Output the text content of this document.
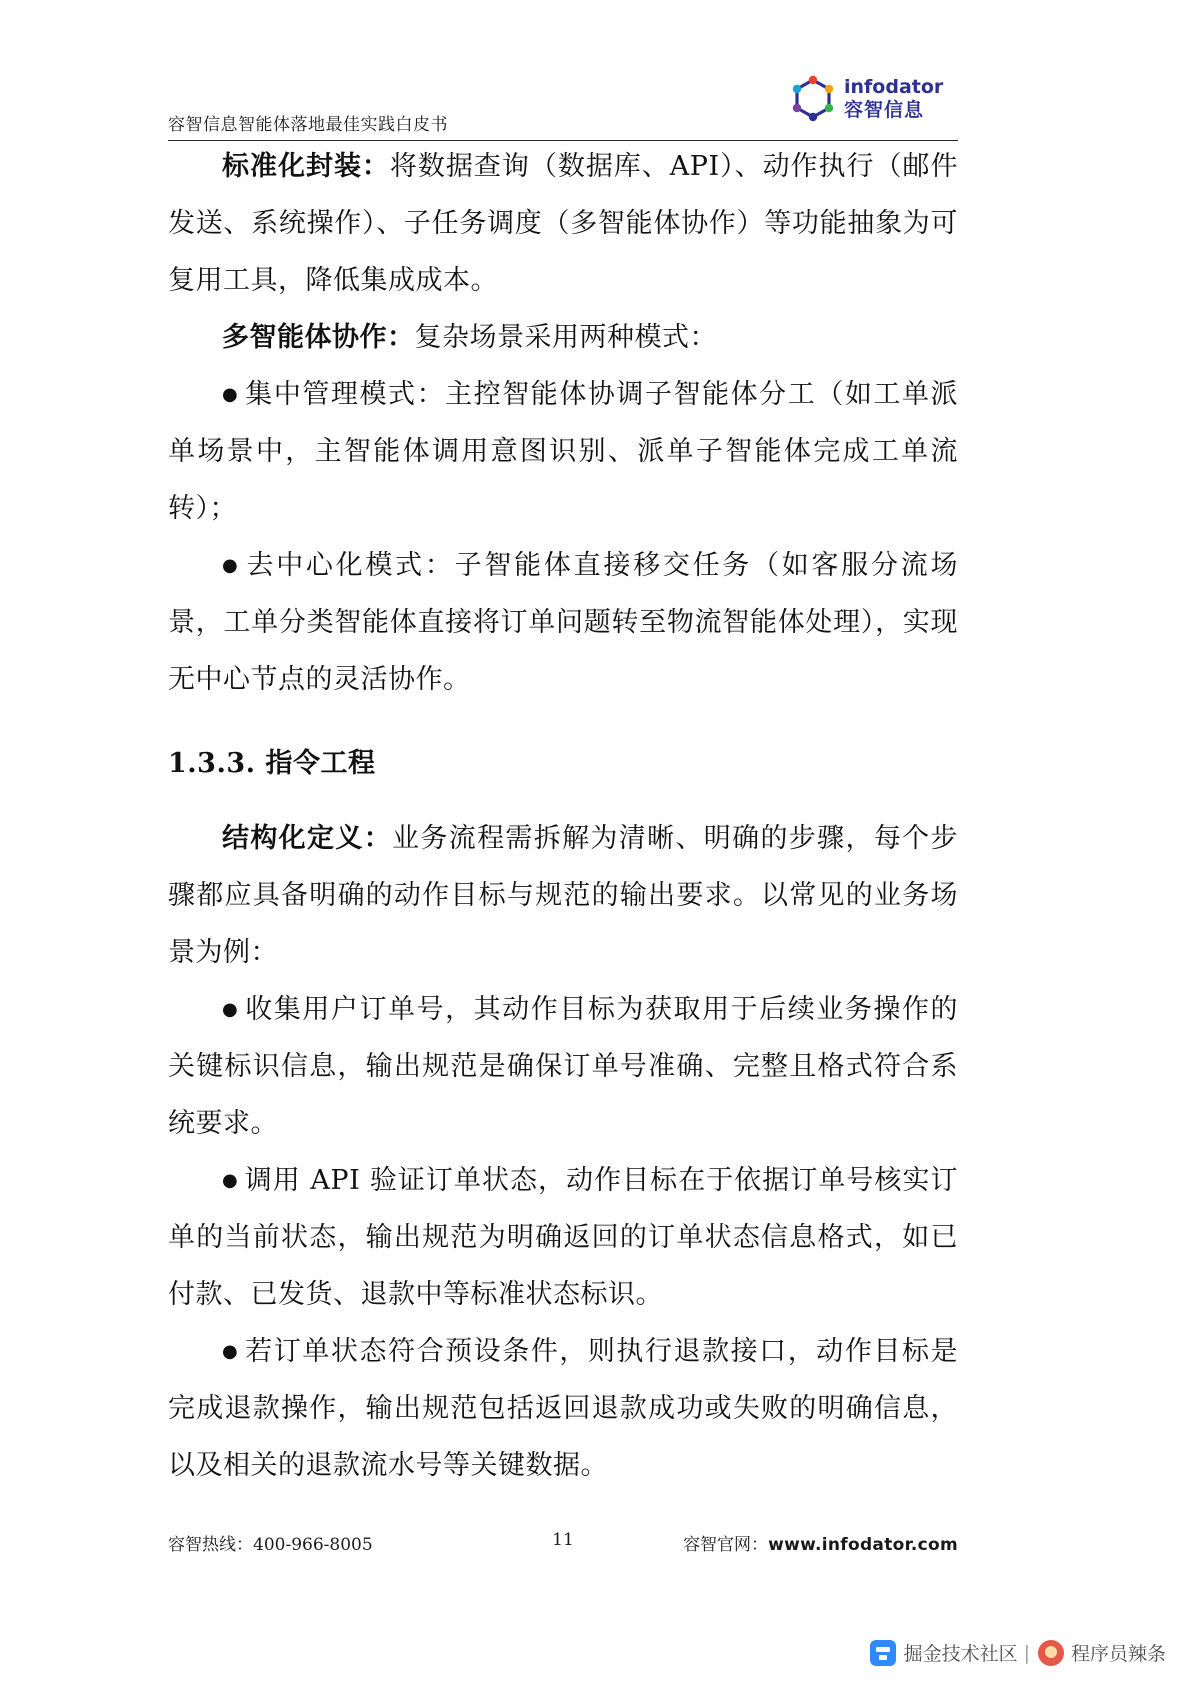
容智信息智能体落地最佳实践白皮书
infodator
容智信息

标准化封装：将数据查询（数据库、API）、动作执行（邮件发送、系统操作）、子任务调度（多智能体协作）等功能抽象为可复用工具，降低集成成本。

多智能体协作：复杂场景采用两种模式：

● 集中管理模式：主控智能体协调子智能体分工（如工单派单场景中，主智能体调用意图识别、派单子智能体完成工单流转）；

● 去中心化模式：子智能体直接移交任务（如客服分流场景，工单分类智能体直接将订单问题转至物流智能体处理），实现无中心节点的灵活协作。

1.3.3. 指令工程

结构化定义：业务流程需拆解为清晰、明确的步骤，每个步骤都应具备明确的动作目标与规范的输出要求。以常见的业务场景为例：

● 收集用户订单号，其动作目标为获取用于后续业务操作的关键标识信息，输出规范是确保订单号准确、完整且格式符合系统要求。

● 调用 API 验证订单状态，动作目标在于依据订单号核实订单的当前状态，输出规范为明确返回的订单状态信息格式，如已付款、已发货、退款中等标准状态标识。

● 若订单状态符合预设条件，则执行退款接口，动作目标是完成退款操作，输出规范包括返回退款成功或失败的明确信息，以及相关的退款流水号等关键数据。

容智热线：400‑966‑8005	11	容智官网：www.infodator.com
掘金技术社区 |	程序员辣条
